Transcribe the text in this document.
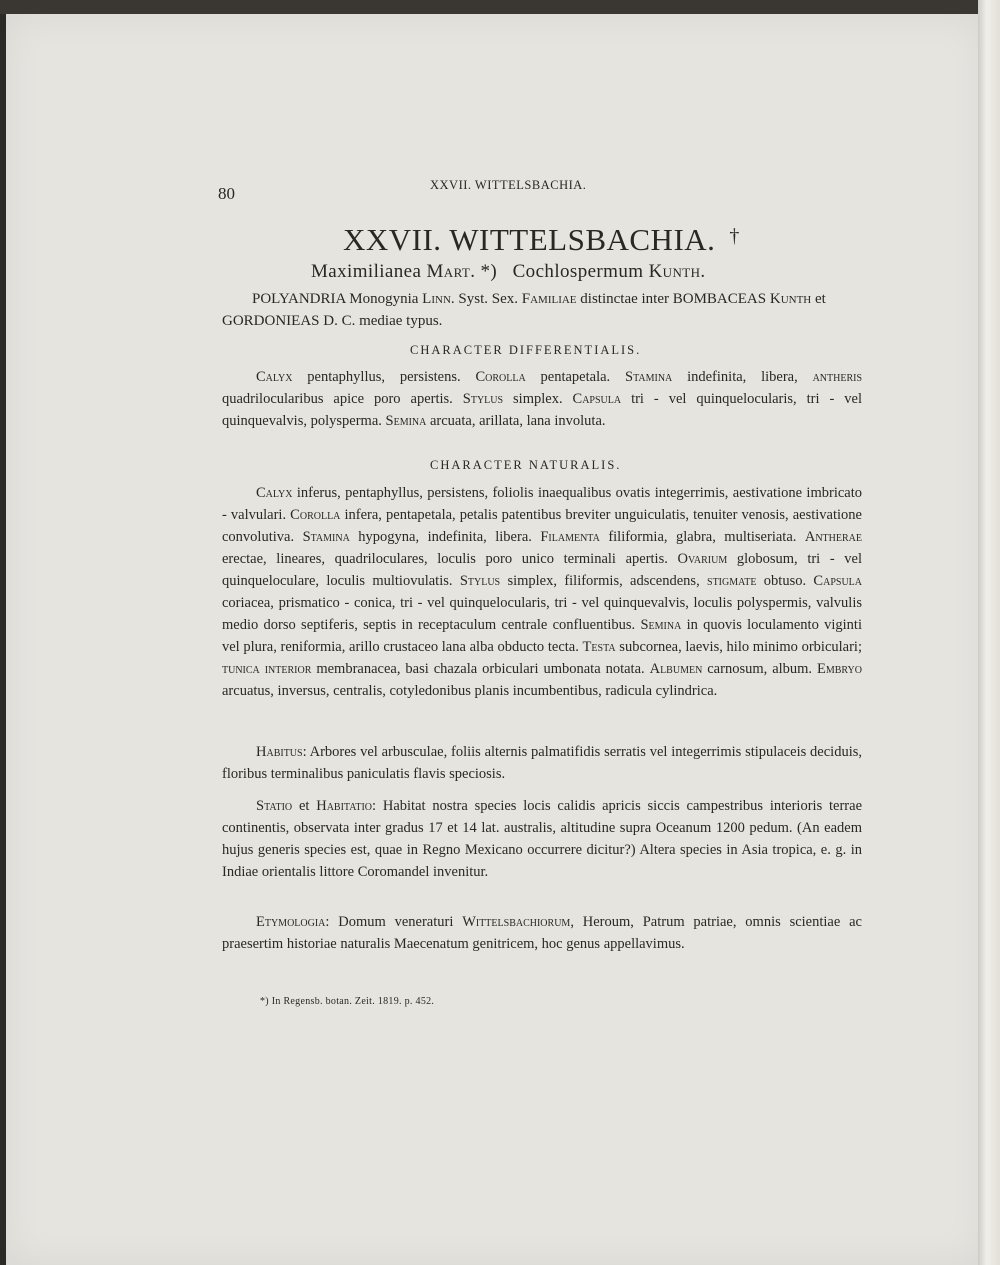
80	XXVII. WITTELSBACHIA.
XXVII. WITTELSBACHIA. †
Maximilianea Mart. *) Cochlospermum Kunth.
POLYANDRIA Monogynia Linn. Syst. Sex. Familiae distinctae inter BOMBACEAS Kunth et GORDONIEAS D. C. mediae typus.
CHARACTER DIFFERENTIALIS.
Calyx pentaphyllus, persistens. Corolla pentapetala. Stamina indefinita, libera, antheris quadrilocularibus apice poro apertis. Stylus simplex. Capsula tri - vel quinquelocularis, tri - vel quinquevalvis, polysperma. Semina arcuata, arillata, lana involuta.
CHARACTER NATURALIS.
Calyx inferus, pentaphyllus, persistens, foliolis inaequalibus ovatis integerrimis, aestivatione imbricato - valvulari. Corolla infera, pentapetala, petalis patentibus breviter unguiculatis, tenuiter venosis, aestivatione convolutiva. Stamina hypogyna, indefinita, libera. Filamenta filiformia, glabra, multiseriata. Antherae erectae, lineares, quadriloculares, loculis poro unico terminali apertis. Ovarium globosum, tri - vel quinqueloculare, loculis multiovulatis. Stylus simplex, filiformis, adscendens, stigmate obtuso. Capsula coriacea, prismatico - conica, tri - vel quinquelocularis, tri - vel quinquevalvis, loculis polyspermis, valvulis medio dorso septiferis, septis in receptaculum centrale confluentibus. Semina in quovis loculamento viginti vel plura, reniformia, arillo crustaceo lana alba obducto tecta. Testa subcornea, laevis, hilo minimo orbiculari; tunica interior membranacea, basi chazala orbiculari umbonata notata. Albumen carnosum, album. Embryo arcuatus, inversus, centralis, cotyledonibus planis incumbentibus, radicula cylindrica.
Habitus: Arbores vel arbusculae, foliis alternis palmatifidis serratis vel integerrimis stipulaceis deciduis, floribus terminalibus paniculatis flavis speciosis.
Statio et Habitatio: Habitat nostra species locis calidis apricis siccis campestribus interioris terrae continentis, observata inter gradus 17 et 14 lat. australis, altitudine supra Oceanum 1200 pedum. (An eadem hujus generis species est, quae in Regno Mexicano occurrere dicitur?) Altera species in Asia tropica, e. g. in Indiae orientalis littore Coromandel invenitur.
Etymologia: Domum veneraturi Wittelsbachiorum, Heroum, Patrum patriae, omnis scientiae ac praesertim historiae naturalis Maecenatum genitricem, hoc genus appellavimus.
*) In Regensb. botan. Zeit. 1819. p. 452.
